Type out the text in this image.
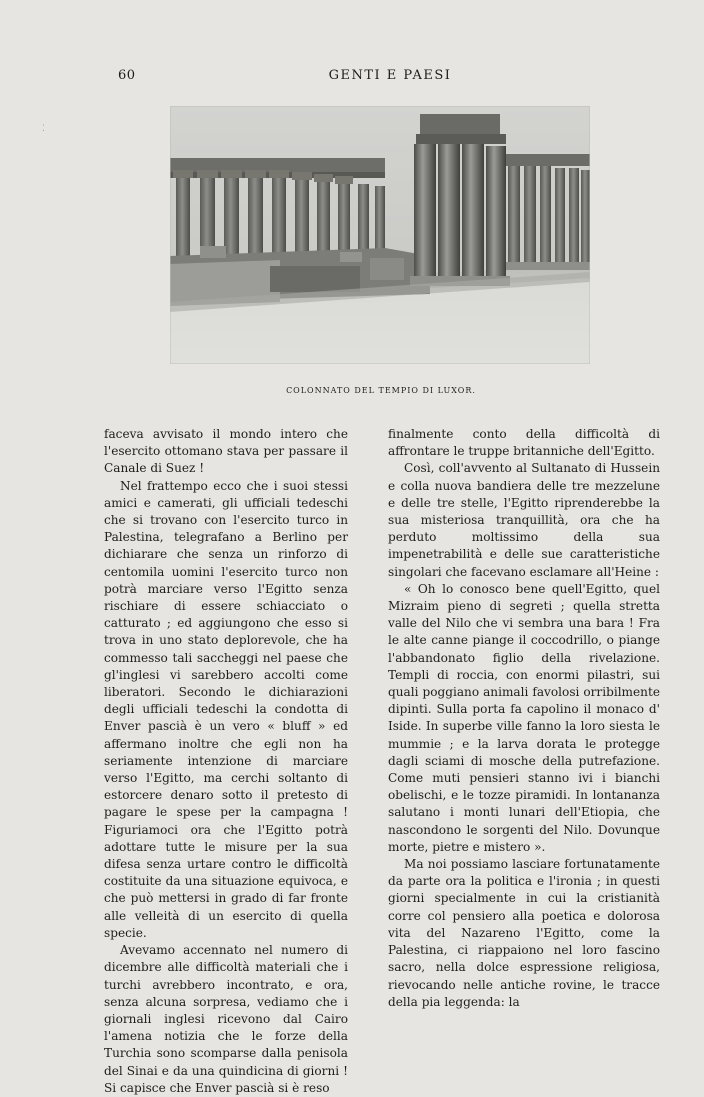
⁚
60	GENTI E PAESI
COLONNATO DEL TEMPIO DI LUXOR.

faceva avvisato il mondo intero che l'esercito ottomano stava per passare il Canale di Suez !

Nel frattempo ecco che i suoi stessi amici e camerati, gli ufficiali tedeschi che si trovano con l'esercito turco in Palestina, telegrafano a Berlino per dichiarare che senza un rinforzo di centomila uomini l'esercito turco non potrà marciare verso l'Egitto senza rischiare di essere schiacciato o catturato ; ed aggiungono che esso si trova in uno stato deplorevole, che ha commesso tali saccheggi nel paese che gl'inglesi vi sarebbero accolti come liberatori. Secondo le dichiarazioni degli ufficiali tedeschi la condotta di Enver pascià è un vero « bluff » ed affermano inoltre che egli non ha seriamente intenzione di marciare verso l'Egitto, ma cerchi soltanto di estorcere denaro sotto il pretesto di pagare le spese per la campagna ! Figuriamoci ora che l'Egitto potrà adottare tutte le misure per la sua difesa senza urtare contro le difficoltà costituite da una situazione equivoca, e che può mettersi in grado di far fronte alle velleità di un esercito di quella specie.

Avevamo accennato nel numero di dicembre alle difficoltà materiali che i turchi avrebbero incontrato, e ora, senza alcuna sorpresa, vediamo che i giornali inglesi ricevono dal Cairo l'amena notizia che le forze della Turchia sono scomparse dalla penisola del Sinai e da una quindicina di giorni ! Si capisce che Enver pascià si è reso

finalmente conto della difficoltà di affrontare le truppe britanniche dell'Egitto.

Così, coll'avvento al Sultanato di Hussein e colla nuova bandiera delle tre mezzelune e delle tre stelle, l'Egitto riprenderebbe la sua misteriosa tranquillità, ora che ha perduto moltissimo della sua impenetrabilità e delle sue caratteristiche singolari che facevano esclamare all'Heine :

« Oh lo conosco bene quell'Egitto, quel Mizraim pieno di segreti ; quella stretta valle del Nilo che vi sembra una bara ! Fra le alte canne piange il coccodrillo, o piange l'abbandonato figlio della rivelazione. Templi di roccia, con enormi pilastri, sui quali poggiano animali favolosi orribilmente dipinti. Sulla porta fa capolino il monaco d' Iside. In superbe ville fanno la loro siesta le mummie ; e la larva dorata le protegge dagli sciami di mosche della putrefazione. Come muti pensieri stanno ivi i bianchi obelischi, e le tozze piramidi. In lontananza salutano i monti lunari dell'Etiopia, che nascondono le sorgenti del Nilo. Dovunque morte, pietre e mistero ».

Ma noi possiamo lasciare fortunatamente da parte ora la politica e l'ironia ; in questi giorni specialmente in cui la cristianità corre col pensiero alla poetica e dolorosa vita del Nazareno l'Egitto, come la Palestina, ci riappaiono nel loro fascino sacro, nella dolce espressione religiosa, rievocando nelle antiche rovine, le tracce della pia leggenda: la
